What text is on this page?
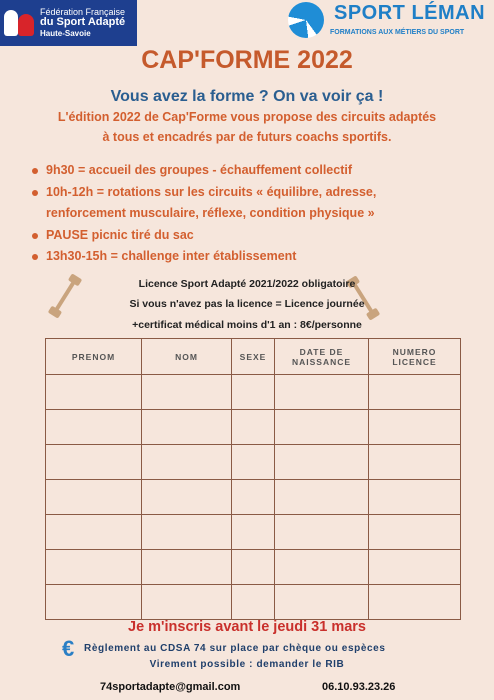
Fédération Française
du Sport Adapté
Haute-Savoie
SPORT LÉMAN
FORMATIONS AUX MÉTIERS DU SPORT
CAP'FORME 2022
Vous avez la forme ? On va voir ça !
L'édition 2022 de Cap'Forme vous propose des circuits adaptés
à tous et encadrés par de futurs coachs sportifs.
9h30 = accueil des groupes - échauffement collectif
10h-12h = rotations sur les circuits « équilibre, adresse,
renforcement musculaire, réflexe, condition physique »
PAUSE picnic tiré du sac
13h30-15h = challenge inter établissement
Licence Sport Adapté 2021/2022 obligatoire
Si vous n'avez pas la licence = Licence journée
+certificat médical moins d'1 an : 8€/personne
PRENOM	NOM	SEXE	DATE DE NAISSANCE	NUMERO LICENCE

Je m'inscris avant le jeudi 31 mars
€ Règlement au CDSA 74 sur place par chèque ou espèces
Virement possible : demander le RIB
74sportadapte@gmail.com	06.10.93.23.26
